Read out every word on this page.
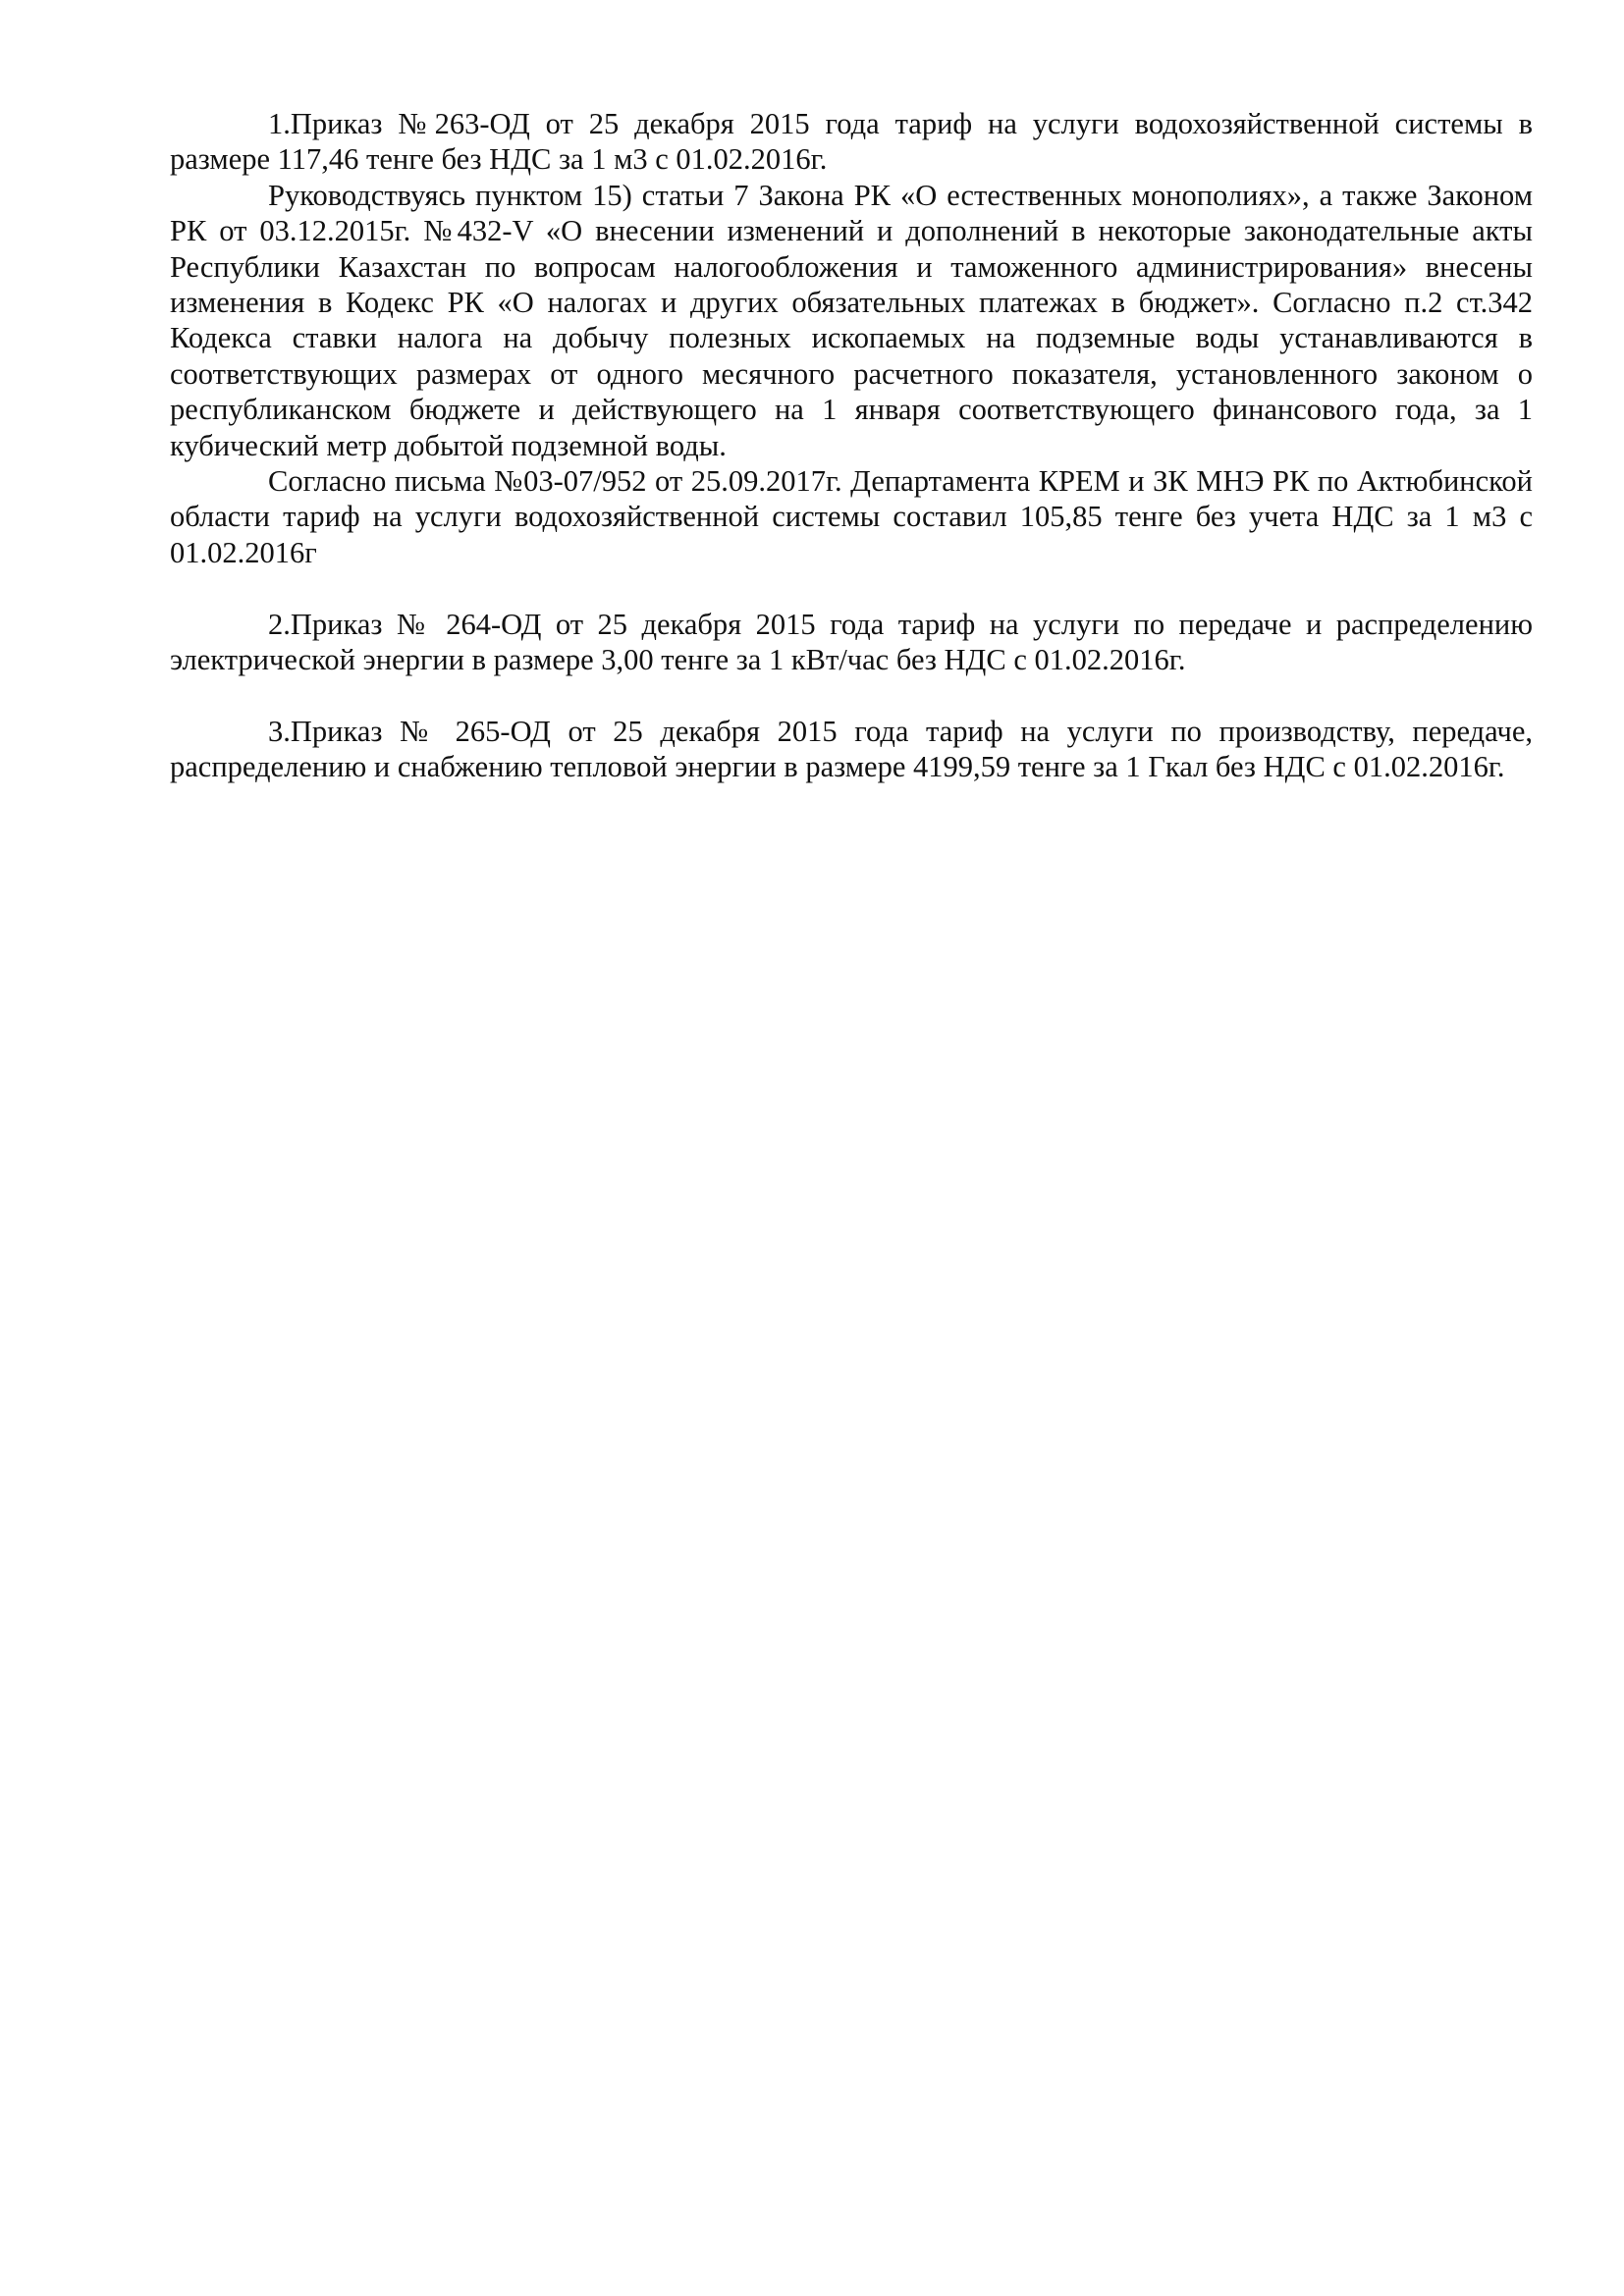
1.Приказ №263-ОД от 25 декабря 2015 года тариф на услуги водохозяйственной системы в размере 117,46 тенге без НДС за 1 м3 с 01.02.2016г.

Руководствуясь пунктом 15) статьи 7 Закона РК «О естественных монополиях», а также Законом РК от 03.12.2015г. №432-V «О внесении изменений и дополнений в некоторые законодательные акты Республики Казахстан по вопросам налогообложения и таможенного администрирования» внесены изменения в Кодекс РК «О налогах и других обязательных платежах в бюджет». Согласно п.2 ст.342 Кодекса ставки налога на добычу полезных ископаемых на подземные воды устанавливаются в соответствующих размерах от одного месячного расчетного показателя, установленного законом о республиканском бюджете и действующего на 1 января соответствующего финансового года, за 1 кубический метр добытой подземной воды.

Согласно письма №03-07/952 от 25.09.2017г. Департамента КРЕМ и ЗК МНЭ РК по Актюбинской области тариф на услуги водохозяйственной системы составил 105,85 тенге без учета НДС за 1 м3 с 01.02.2016г

2.Приказ № 264-ОД от 25 декабря 2015 года тариф на услуги по передаче и распределению электрической энергии в размере 3,00 тенге за 1 кВт/час без НДС с 01.02.2016г.

3.Приказ № 265-ОД от 25 декабря 2015 года тариф на услуги по производству, передаче, распределению и снабжению тепловой энергии в размере 4199,59 тенге за 1 Гкал без НДС с 01.02.2016г.
